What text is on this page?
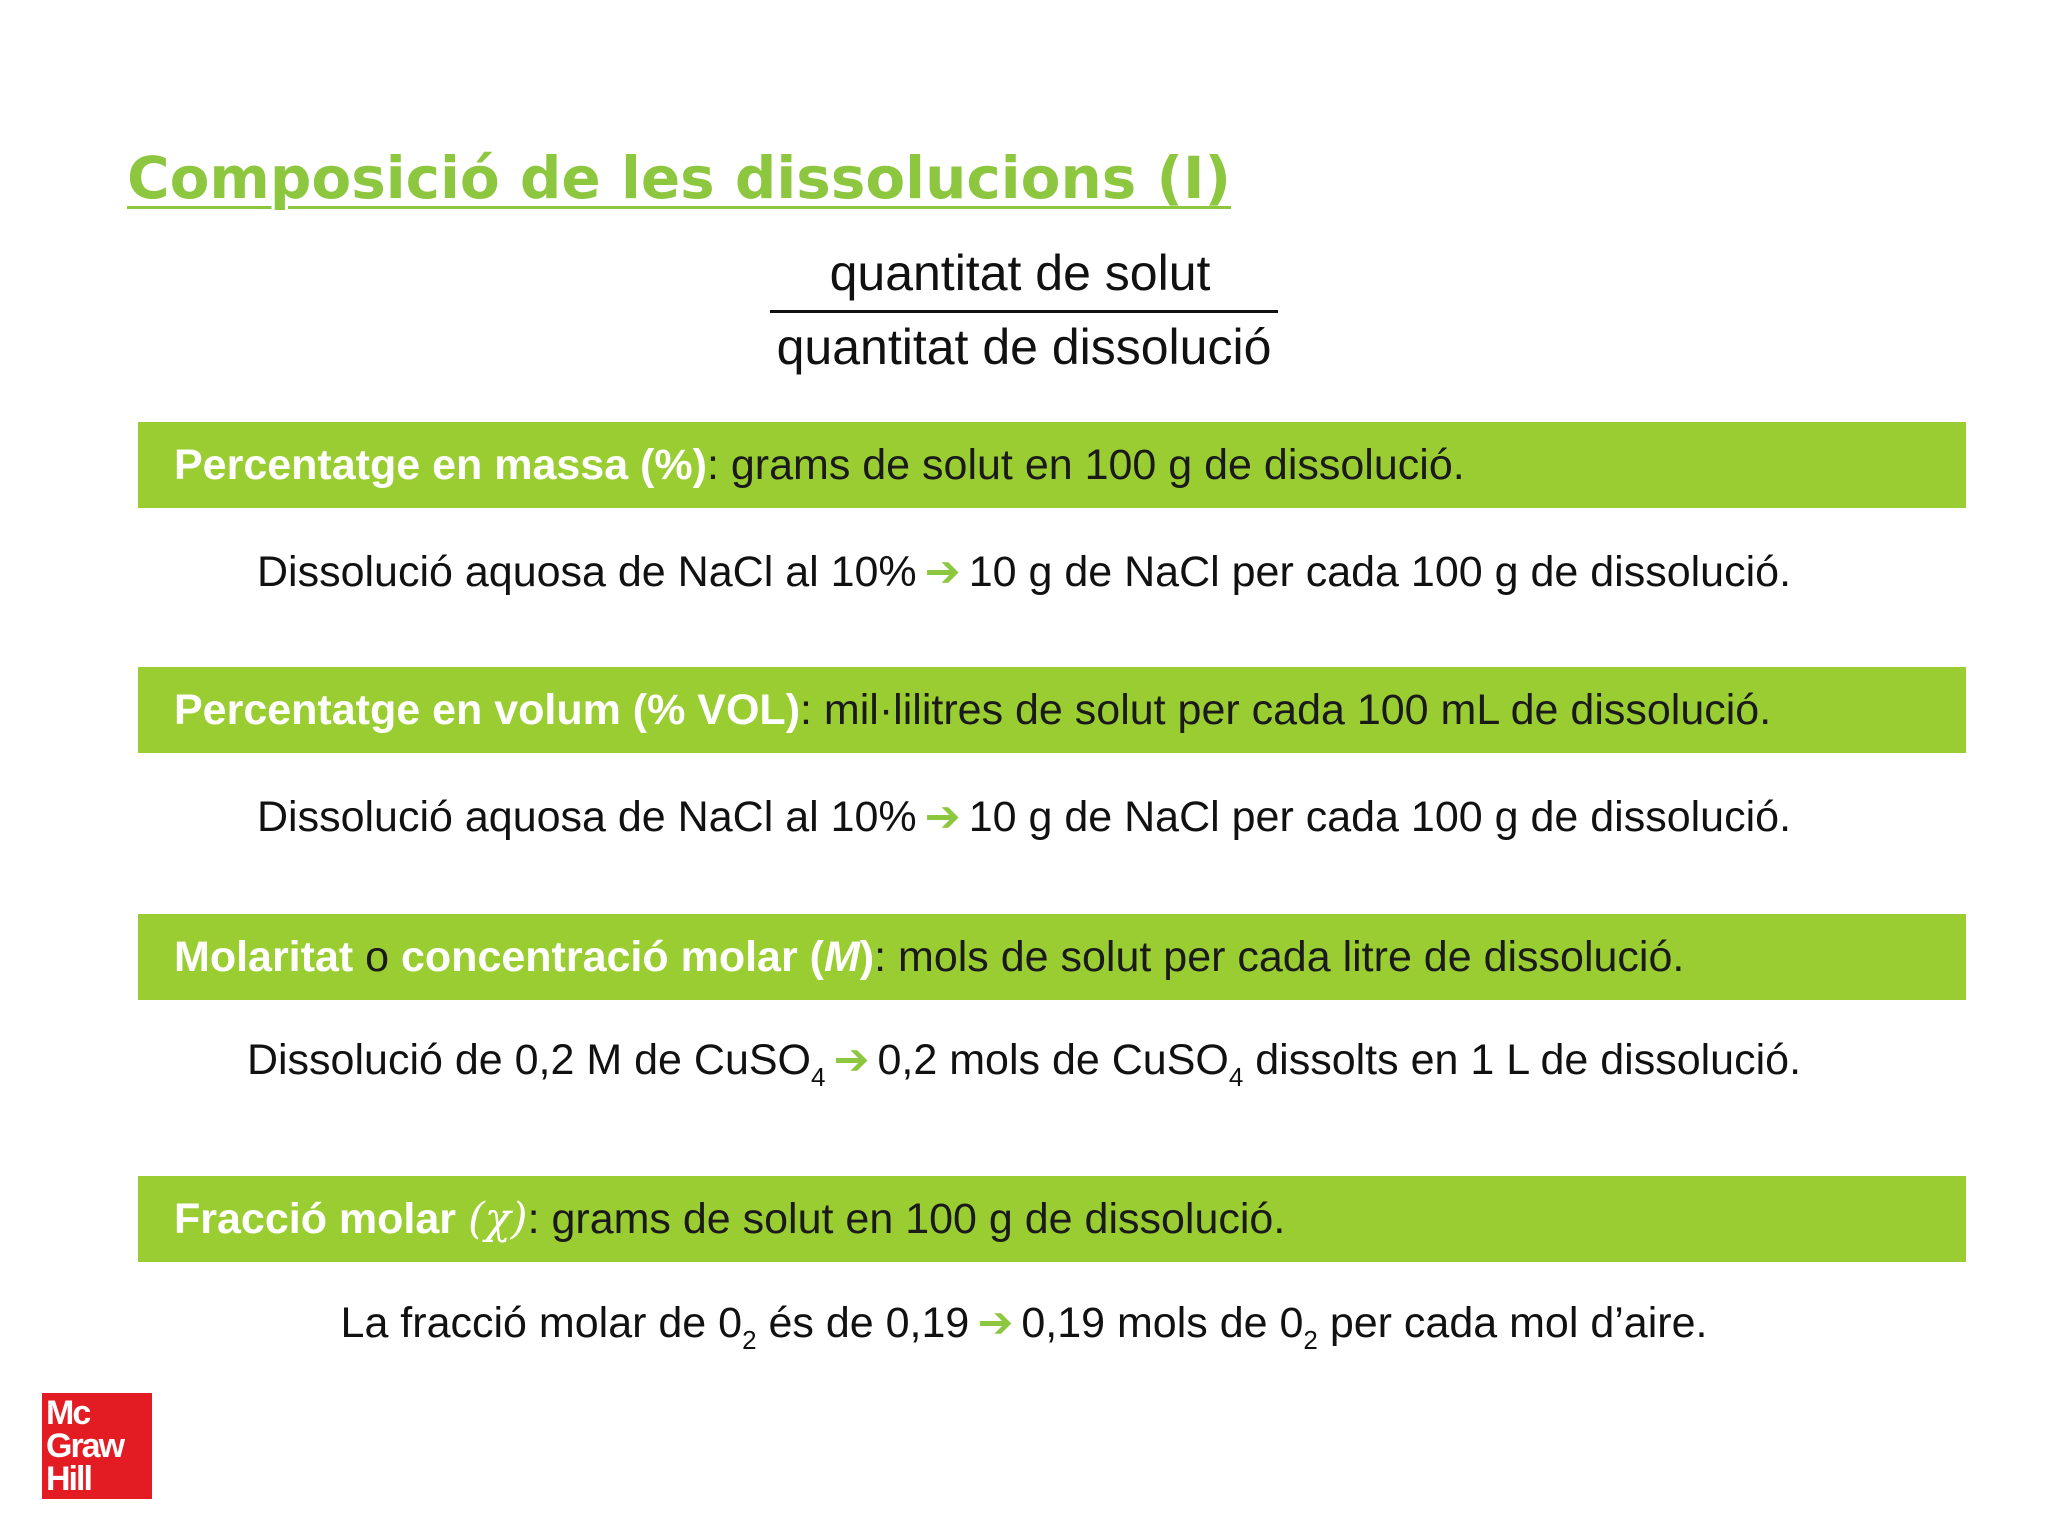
Composició de les dissolucions (I)
quantitat de solut
quantitat de dissolució
Percentatge en massa (%): grams de solut en 100 g de dissolució.
Dissolució aquosa de NaCl al 10% ➔ 10 g de NaCl per cada 100 g de dissolució.
Percentatge en volum (% VOL): mil·lilitres de solut per cada 100 mL de dissolució.
Dissolució aquosa de NaCl al 10% ➔ 10 g de NaCl per cada 100 g de dissolució.
Molaritat o concentració molar (M): mols de solut per cada litre de dissolució.
Dissolució de 0,2 M de CuSO$_4$ ➔ 0,2 mols de CuSO$_4$ dissolts en 1 L de dissolució.
Fracció molar (χ): grams de solut en 100 g de dissolució.
La fracció molar de $0_2$ és de 0,19 ➔ 0,19 mols de $0_2$ per cada mol d’aire.
Mc
Graw
Hill
